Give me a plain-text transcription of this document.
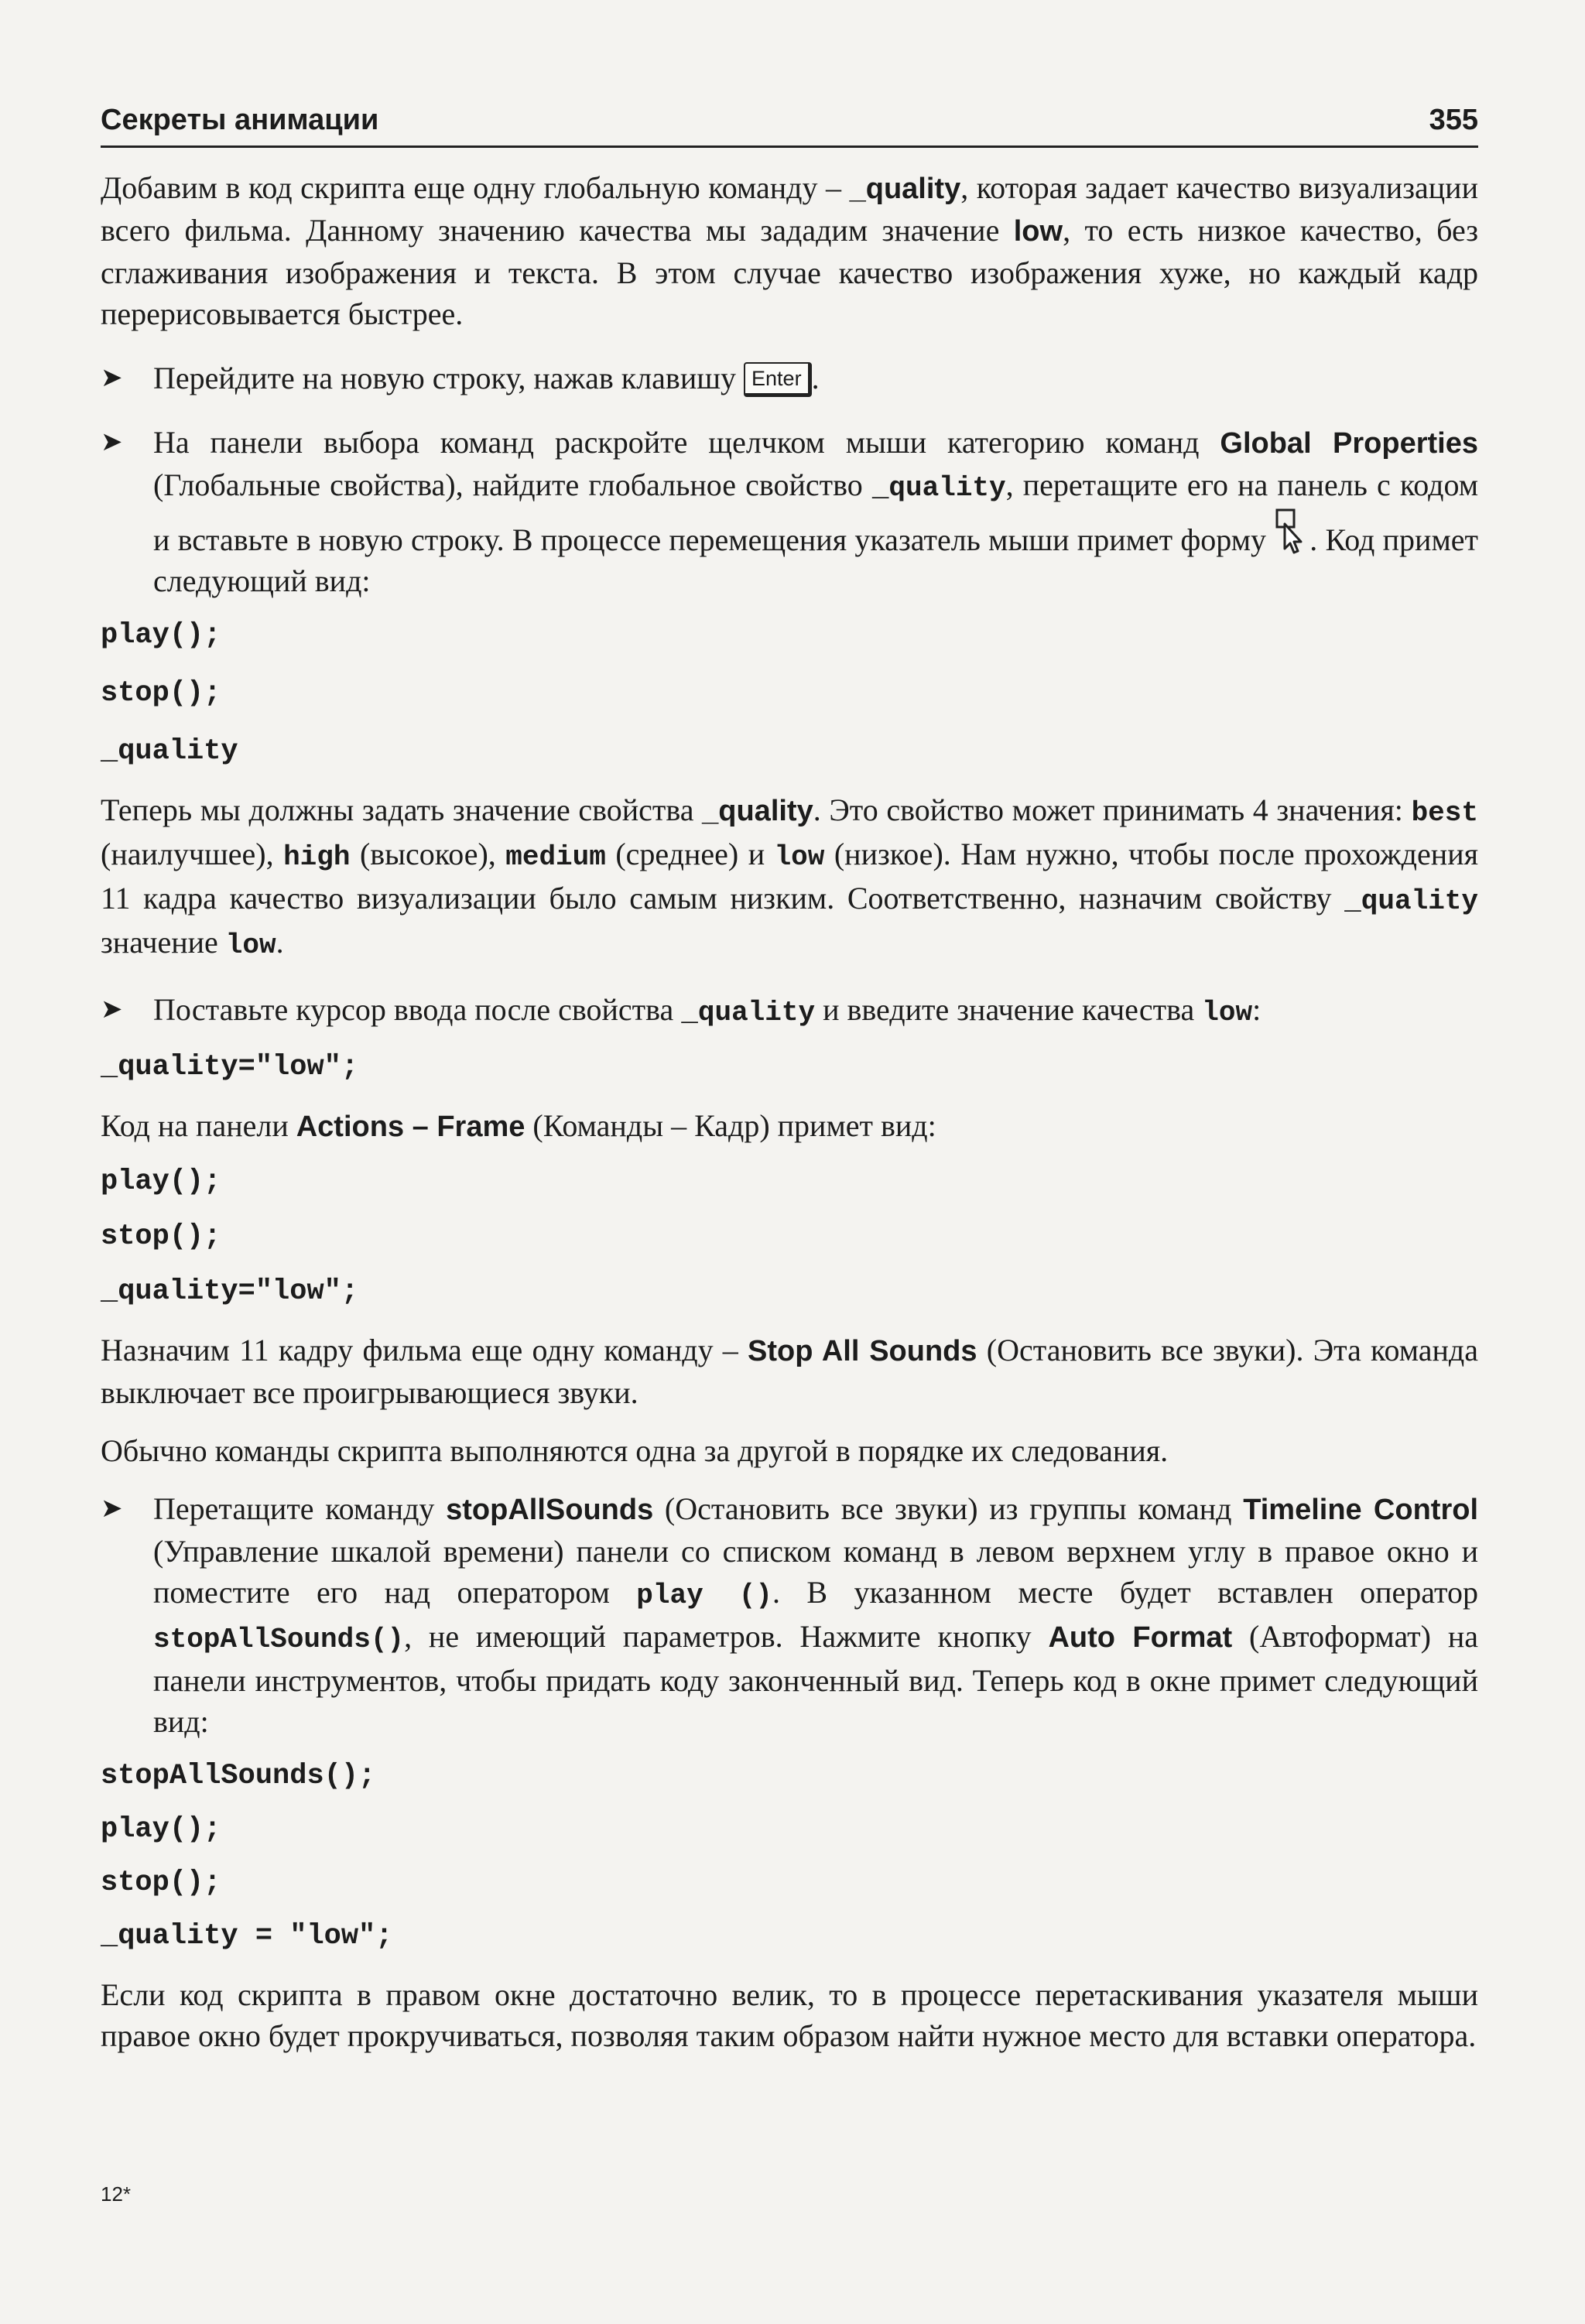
Секреты анимации	355

Добавим в код скрипта еще одну глобальную команду – _quality, которая задает качество визуализации всего фильма. Данному значению качества мы зададим значение low, то есть низкое качество, без сглаживания изображения и текста. В этом случае качество изображения хуже, но каждый кадр перерисовывается быстрее.

➤ Перейдите на новую строку, нажав клавишу Enter .

➤ На панели выбора команд раскройте щелчком мыши категорию команд Global Properties (Глобальные свойства), найдите глобальное свойство _quality, перетащите его на панель с кодом и вставьте в новую строку. В процессе перемещения указатель мыши примет форму . Код примет следующий вид:

play();
stop();
_quality

Теперь мы должны задать значение свойства _quality. Это свойство может принимать 4 значения: best (наилучшее), high (высокое), medium (среднее) и low (низкое). Нам нужно, чтобы после прохождения 11 кадра качество визуализации было самым низким. Соответственно, назначим свойству _quality значение low.

➤ Поставьте курсор ввода после свойства _quality и введите значение качества low:

_quality="low";

Код на панели Actions – Frame (Команды – Кадр) примет вид:

play();
stop();
_quality="low";

Назначим 11 кадру фильма еще одну команду – Stop All Sounds (Остановить все звуки). Эта команда выключает все проигрывающиеся звуки.

Обычно команды скрипта выполняются одна за другой в порядке их следования.

➤ Перетащите команду stopAllSounds (Остановить все звуки) из группы команд Timeline Control (Управление шкалой времени) панели со списком команд в левом верхнем углу в правое окно и поместите его над оператором play (). В указанном месте будет вставлен оператор stopAllSounds(), не имеющий параметров. Нажмите кнопку Auto Format (Автоформат) на панели инструментов, чтобы придать коду законченный вид. Теперь код в окне примет следующий вид:

stopAllSounds();
play();
stop();
_quality = "low";

Если код скрипта в правом окне достаточно велик, то в процессе перетаскивания указателя мыши правое окно будет прокручиваться, позволяя таким образом найти нужное место для вставки оператора.

12*
